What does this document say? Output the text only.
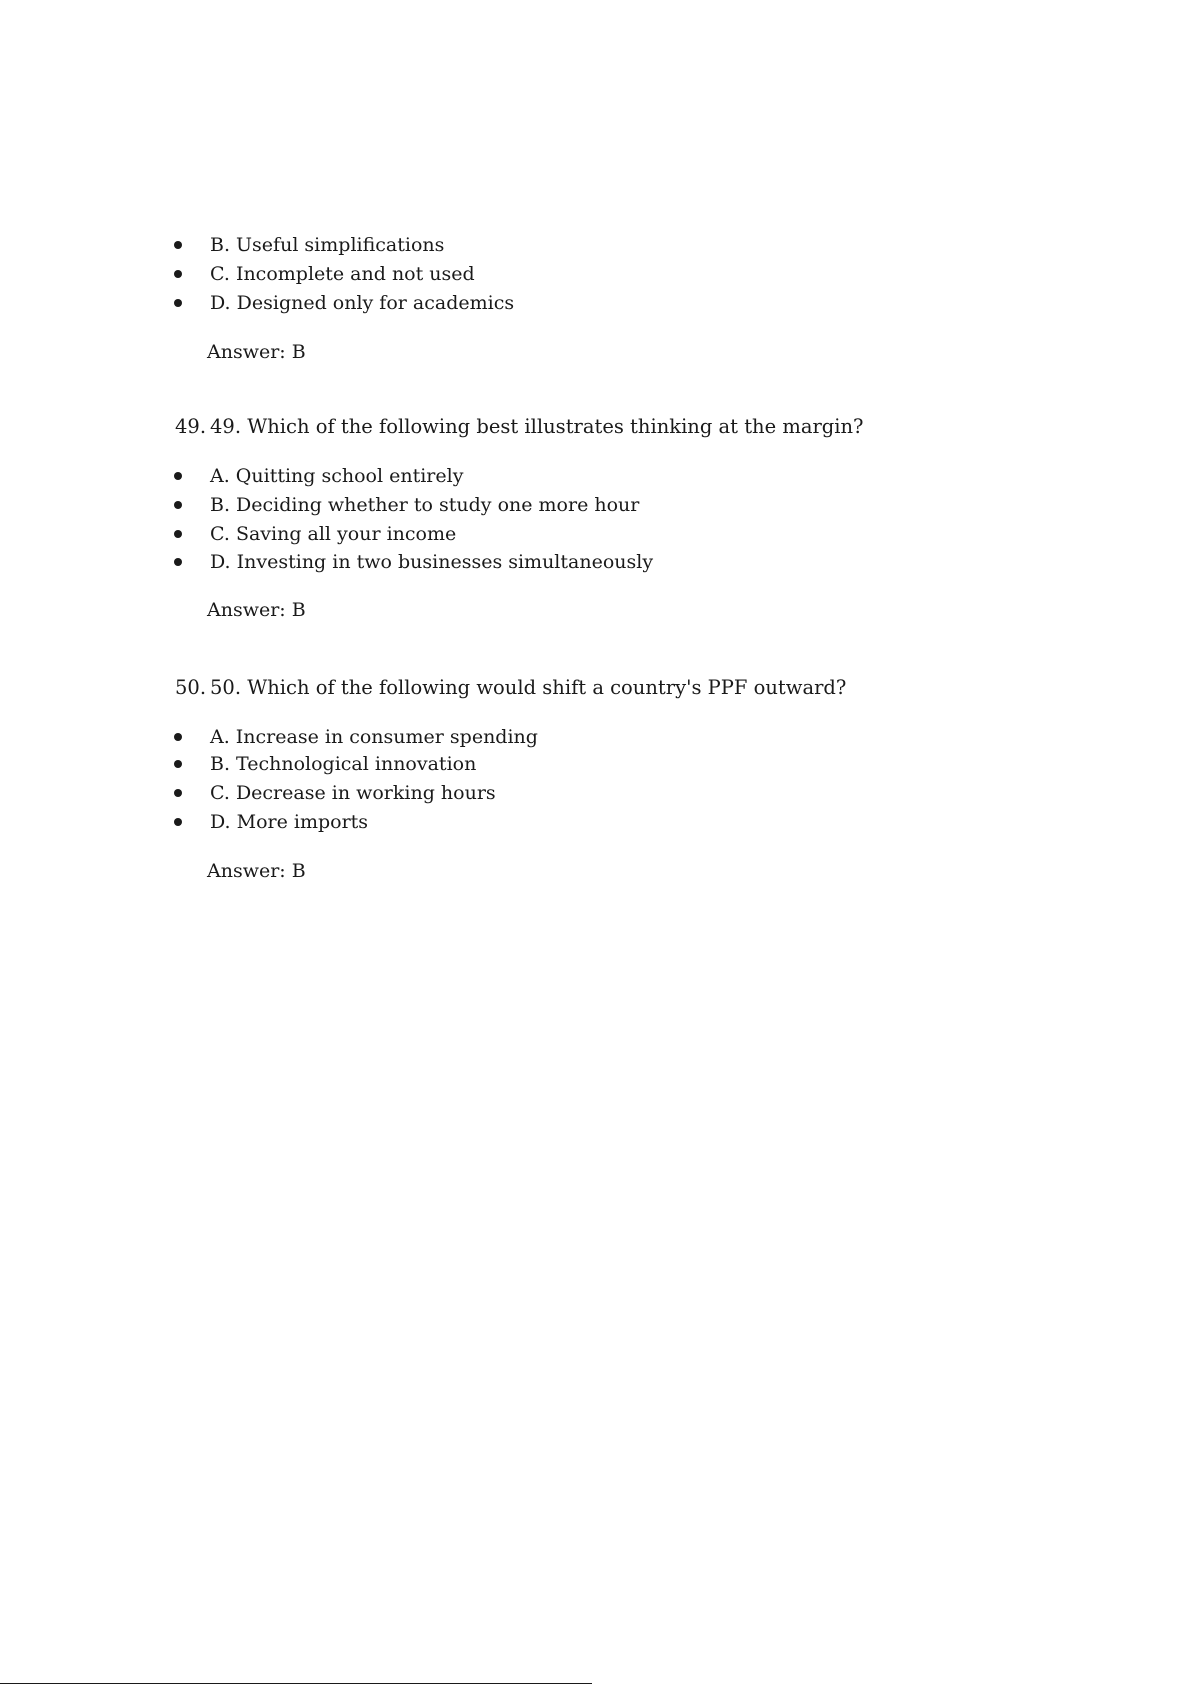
B. Useful simplifications
C. Incomplete and not used
D. Designed only for academics
Answer: B
49. 49. Which of the following best illustrates thinking at the margin?
A. Quitting school entirely
B. Deciding whether to study one more hour
C. Saving all your income
D. Investing in two businesses simultaneously
Answer: B
50. 50. Which of the following would shift a country's PPF outward?
A. Increase in consumer spending
B. Technological innovation
C. Decrease in working hours
D. More imports
Answer: B
